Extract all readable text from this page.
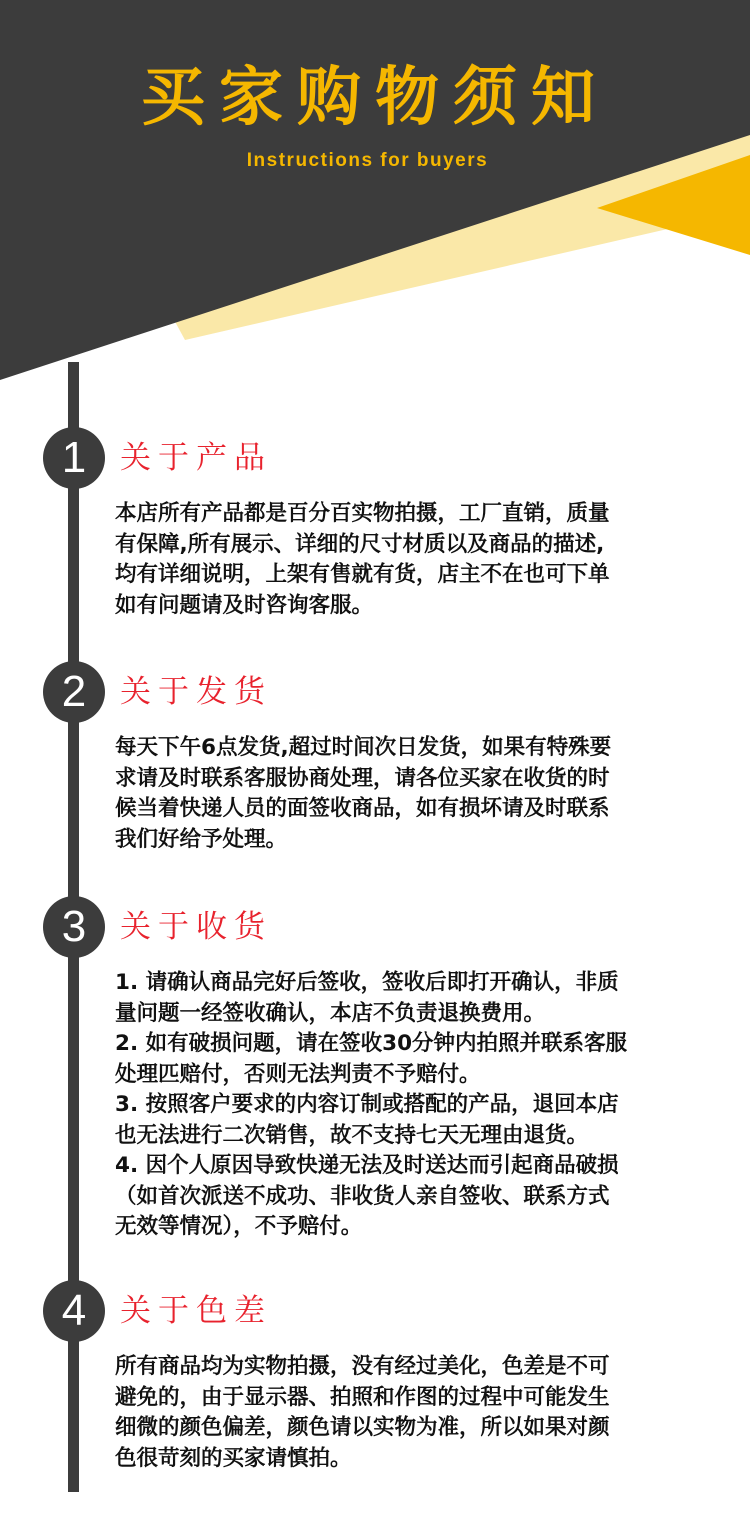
买家购物须知
Instructions for buyers
1	关于产品
本店所有产品都是百分百实物拍摄，工厂直销，质量
有保障,所有展示、详细的尺寸材质以及商品的描述,
均有详细说明，上架有售就有货，店主不在也可下单
如有问题请及时咨询客服。
2	关于发货
每天下午6点发货,超过时间次日发货，如果有特殊要
求请及时联系客服协商处理，请各位买家在收货的时
候当着快递人员的面签收商品，如有损坏请及时联系
我们好给予处理。
3	关于收货
1. 请确认商品完好后签收，签收后即打开确认，非质
量问题一经签收确认，本店不负责退换费用。
2. 如有破损问题，请在签收30分钟内拍照并联系客服
处理匹赔付，否则无法判责不予赔付。
3. 按照客户要求的内容订制或搭配的产品，退回本店
也无法进行二次销售，故不支持七天无理由退货。
4. 因个人原因导致快递无法及时送达而引起商品破损
（如首次派送不成功、非收货人亲自签收、联系方式
无效等情况），不予赔付。
4	关于色差
所有商品均为实物拍摄，没有经过美化，色差是不可
避免的，由于显示器、拍照和作图的过程中可能发生
细微的颜色偏差，颜色请以实物为准，所以如果对颜
色很苛刻的买家请慎拍。
